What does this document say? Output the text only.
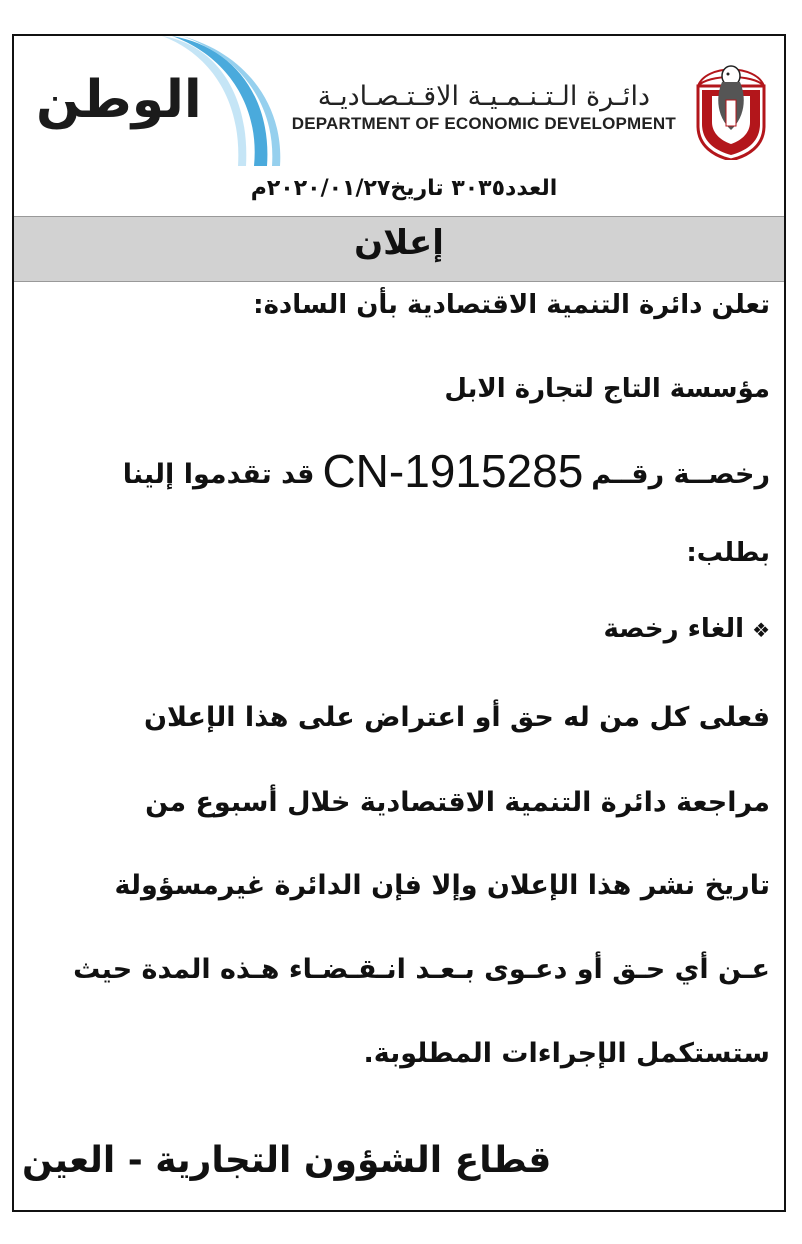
الوطن	دائـرة الـتـنـمـيـة الاقـتـصـاديـة
DEPARTMENT OF ECONOMIC DEVELOPMENT
العدد٣٠٣٥ تاريخ٢٠٢٠/٠١/٢٧م
إعلان
تعلن دائرة التنمية الاقتصادية بأن السادة:
مؤسسة التاج لتجارة الابل
رخصــة رقــمCN-1915285قد تقدموا إلينا
بطلب:
❖الغاء رخصة
فعلى كل من له حق أو اعتراض على هذا الإعلان
مراجعة دائرة التنمية الاقتصادية خلال أسبوع من
تاريخ نشر هذا الإعلان وإلا فإن الدائرة غيرمسؤولة
عـن أي حـق أو دعـوى بـعـد انـقـضـاء هـذه المدة حيث
ستستكمل الإجراءات المطلوبة.
قطاع الشؤون التجارية - العين
